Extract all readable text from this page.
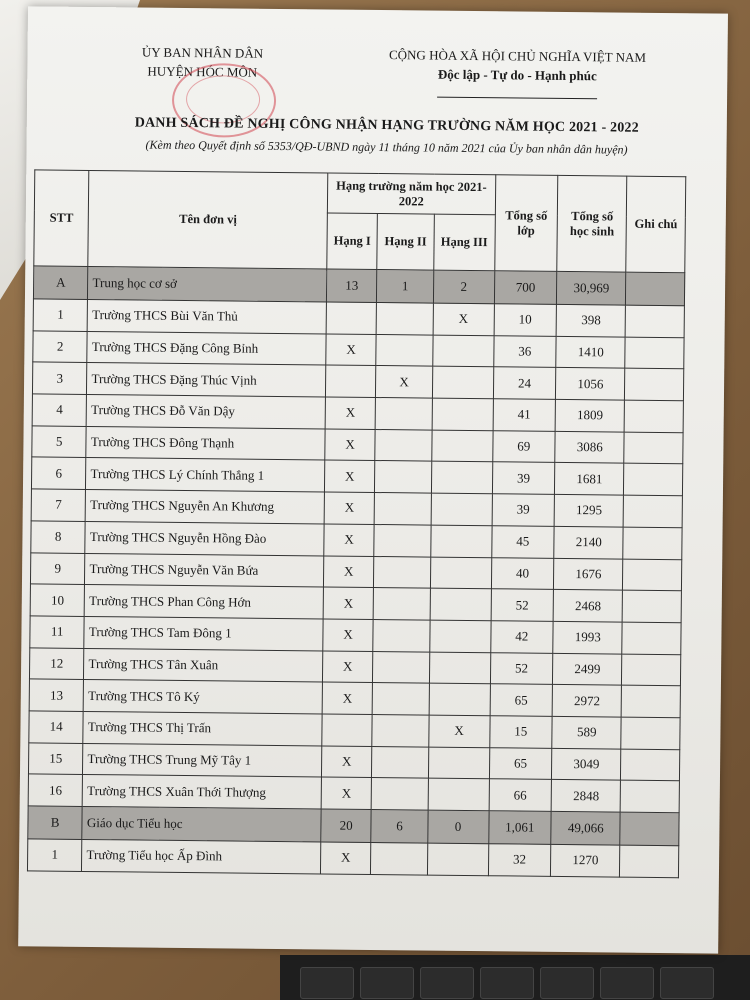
ỦY BAN NHÂN DÂN
HUYỆN HÓC MÔN
CỘNG HÒA XÃ HỘI CHỦ NGHĨA VIỆT NAM
Độc lập - Tự do - Hạnh phúc
DANH SÁCH ĐỀ NGHỊ CÔNG NHẬN HẠNG TRƯỜNG NĂM HỌC 2021 - 2022
(Kèm theo Quyết định số 5353/QĐ-UBND ngày 11 tháng 10 năm 2021 của Ủy ban nhân dân huyện)
STT	Tên đơn vị	Hạng trường năm học 2021-2022			Tổng số lớp	Tổng số học sinh	Ghi chú
		Hạng I	Hạng II	Hạng III			
A	Trung học cơ sở	13	1	2	700	30,969	
1	Trường THCS Bùi Văn Thủ			X	10	398	
2	Trường THCS Đặng Công Bỉnh	X			36	1410	
3	Trường THCS Đặng Thúc Vịnh		X		24	1056	
4	Trường THCS Đỗ Văn Dậy	X			41	1809	
5	Trường THCS Đông Thạnh	X			69	3086	
6	Trường THCS Lý Chính Thắng 1	X			39	1681	
7	Trường THCS Nguyễn An Khương	X			39	1295	
8	Trường THCS Nguyễn Hồng Đào	X			45	2140	
9	Trường THCS Nguyễn Văn Bứa	X			40	1676	
10	Trường THCS Phan Công Hớn	X			52	2468	
11	Trường THCS Tam Đông 1	X			42	1993	
12	Trường THCS Tân Xuân	X			52	2499	
13	Trường THCS Tô Ký	X			65	2972	
14	Trường THCS Thị Trấn			X	15	589	
15	Trường THCS Trung Mỹ Tây 1	X			65	3049	
16	Trường THCS Xuân Thới Thượng	X			66	2848	
B	Giáo dục Tiểu học	20	6	0	1,061	49,066	
1	Trường Tiểu học Ấp Đình	X			32	1270	
